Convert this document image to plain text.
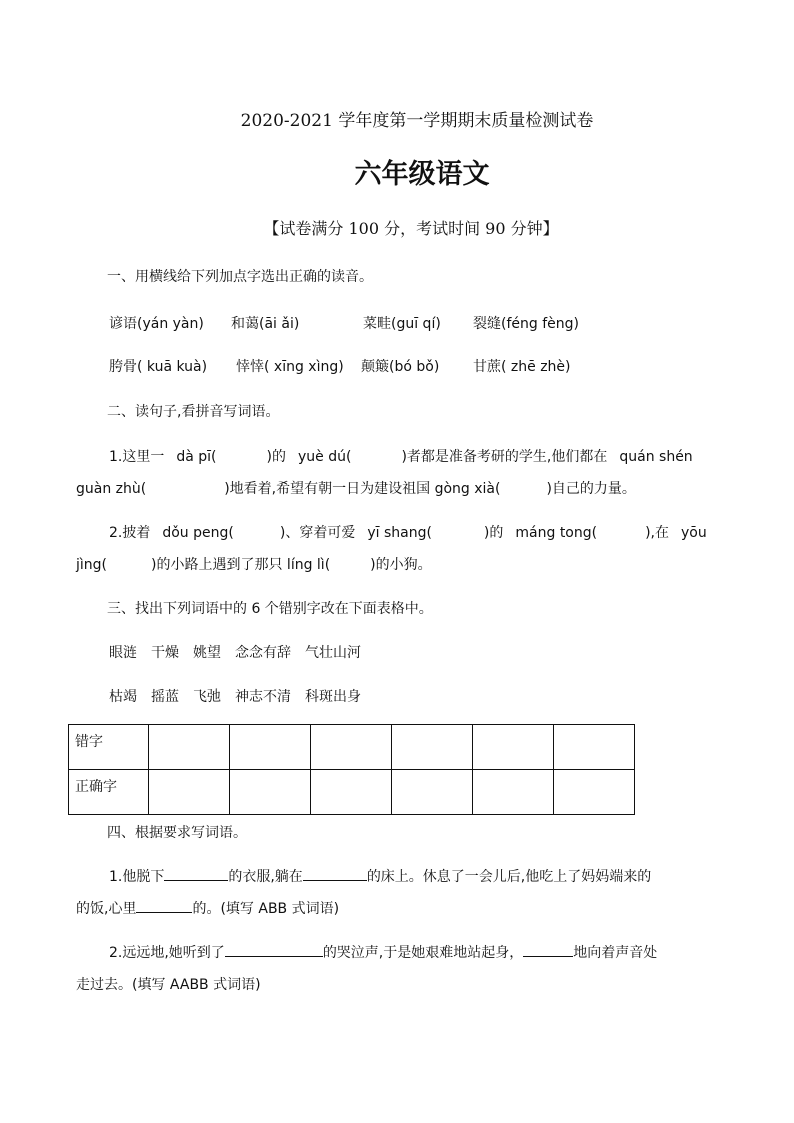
2020-2021 学年度第一学期期末质量检测试卷
六年级语文
【试卷满分 100 分，考试时间 90 分钟】
一、用横线给下列加点字选出正确的读音。
谚语(yán yàn) 和蔼(āi ǎi)	菜畦(guī qí) 裂缝(féng fèng)
胯骨( kuā kuà) 悻悻( xīng xìng) 颠簸(bó bǒ) 甘蔗( zhē zhè)
二、读句子,看拼音写词语。
1.这里一 dà pī(	)的 yuè dú(	)者都是准备考研的学生,他们都在 quán shén
guàn zhù(	)地看着,希望有朝一日为建设祖国 gòng xià(	)自己的力量。
2.披着 dǒu peng(	)、穿着可爱 yī shang(	)的 máng tong(	),在 yōu
jìng(	)的小路上遇到了那只 líng lì(	)的小狗。
三、找出下列词语中的 6 个错别字改在下面表格中。
眼涟 干燥 姚望 念念有辞 气壮山河
枯竭 摇蓝 飞弛 神志不清 科斑出身
错字						
正确字						
四、根据要求写词语。
1.他脱下	的衣服,躺在	的床上。休息了一会儿后,他吃上了妈妈端来的
的饭,心里	的。(填写 ABB 式词语)
2.远远地,她听到了	的哭泣声,于是她艰难地站起身，	地向着声音处
走过去。(填写 AABB 式词语)
